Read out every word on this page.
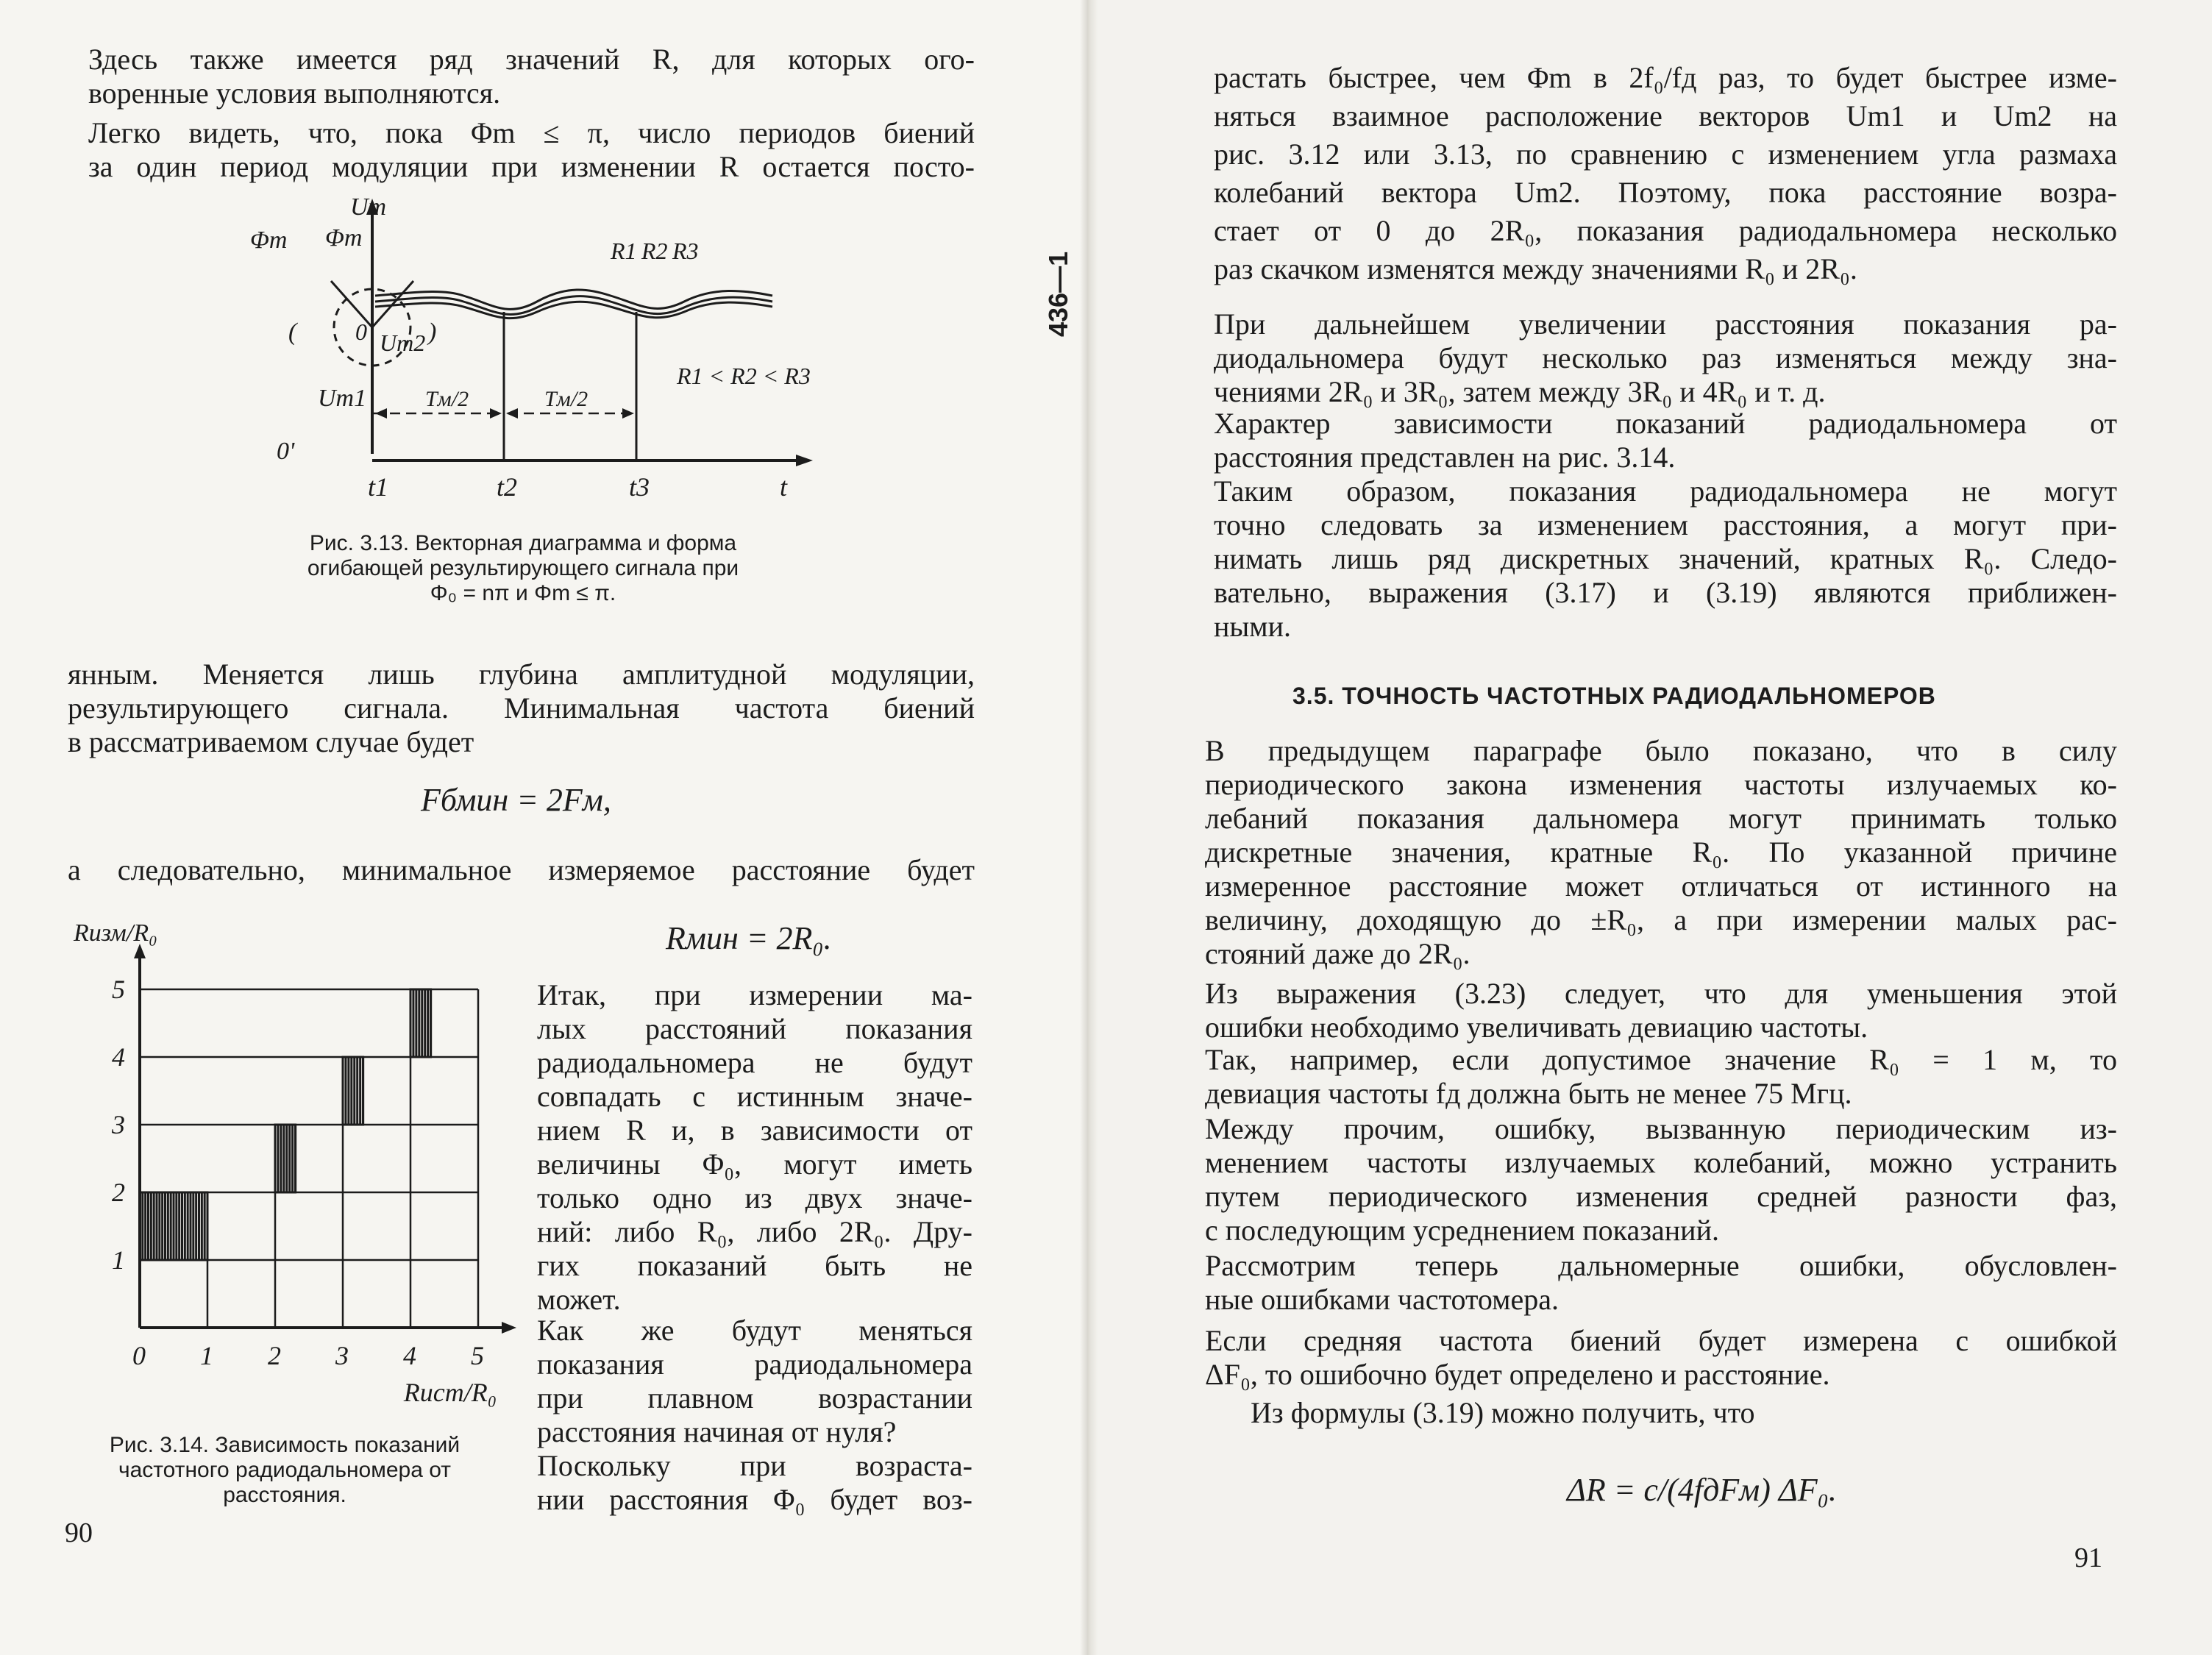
Здесь также имеется ряд значений R, для которых ого-
воренные условия выполняются.
Легко видеть, что, пока Φm ≤ π, число периодов биений
за один период модуляции при изменении R остается посто-
Φm Φm
Um
(	)
0 Um2
Um1
0'
R1 R2 R3
R1 < R2 < R3
Tм/2	Tм/2
t1	t2	t3	t
Рис. 3.13. Векторная диаграмма и форма
огибающей результирующего сигнала при
Φ₀ = nπ и Φm ≤ π.
янным. Меняется лишь глубина амплитудной модуляции,
результирующего сигнала. Минимальная частота биений
в рассматриваемом случае будет
Fбмин = 2Fм,
а следовательно, минимальное измеряемое расстояние будет
Rмин = 2R₀.
0 1 2 3 4 5
1
2
3
4
5
Rизм/R₀
Rист/R₀
Рис. 3.14. Зависимость показаний
частотного радиодальномера от
расстояния.
Итак, при измерении ма-
лых расстояний показания
радиодальномера не будут
совпадать с истинным значе-
нием R и, в зависимости от
величины Φ₀, могут иметь
только одно из двух значе-
ний: либо R₀, либо 2R₀. Дру-
гих показаний быть не
может.
Как же будут меняться
показания радиодальномера
при плавном возрастании
расстояния начиная от нуля?
Поскольку при возраста-
нии расстояния Φ₀ будет воз-
90
436—1
растать быстрее, чем Φm в 2f₀/fд раз, то будет быстрее изме-
няться взаимное расположение векторов Um1 и Um2 на
рис. 3.12 или 3.13, по сравнению с изменением угла размаха
колебаний вектора Um2. Поэтому, пока расстояние возра-
стает от 0 до 2R₀, показания радиодальномера несколько
раз скачком изменятся между значениями R₀ и 2R₀.
При дальнейшем увеличении расстояния показания ра-
диодальномера будут несколько раз изменяться между зна-
чениями 2R₀ и 3R₀, затем между 3R₀ и 4R₀ и т. д.
Характер зависимости показаний радиодальномера от
расстояния представлен на рис. 3.14.
Таким образом, показания радиодальномера не могут
точно следовать за изменением расстояния, а могут при-
нимать лишь ряд дискретных значений, кратных R₀. Следо-
вательно, выражения (3.17) и (3.19) являются приближен-
ными.
3.5. ТОЧНОСТЬ ЧАСТОТНЫХ РАДИОДАЛЬНОМЕРОВ
В предыдущем параграфе было показано, что в силу
периодического закона изменения частоты излучаемых ко-
лебаний показания дальномера могут принимать только
дискретные значения, кратные R₀. По указанной причине
измеренное расстояние может отличаться от истинного на
величину, доходящую до ±R₀, а при измерении малых рас-
стояний даже до 2R₀.
Из выражения (3.23) следует, что для уменьшения этой
ошибки необходимо увеличивать девиацию частоты.
Так, например, если допустимое значение R₀ = 1 м, то
девиация частоты fд должна быть не менее 75 Мгц.
Между прочим, ошибку, вызванную периодическим из-
менением частоты излучаемых колебаний, можно устранить
путем периодического изменения средней разности фаз,
с последующим усреднением показаний.
Рассмотрим теперь дальномерные ошибки, обусловлен-
ные ошибками частотомера.
Если средняя частота биений будет измерена с ошибкой
ΔF₀, то ошибочно будет определено и расстояние.
Из формулы (3.19) можно получить, что
ΔR = c/(4fдFм) ΔF₀.
91
